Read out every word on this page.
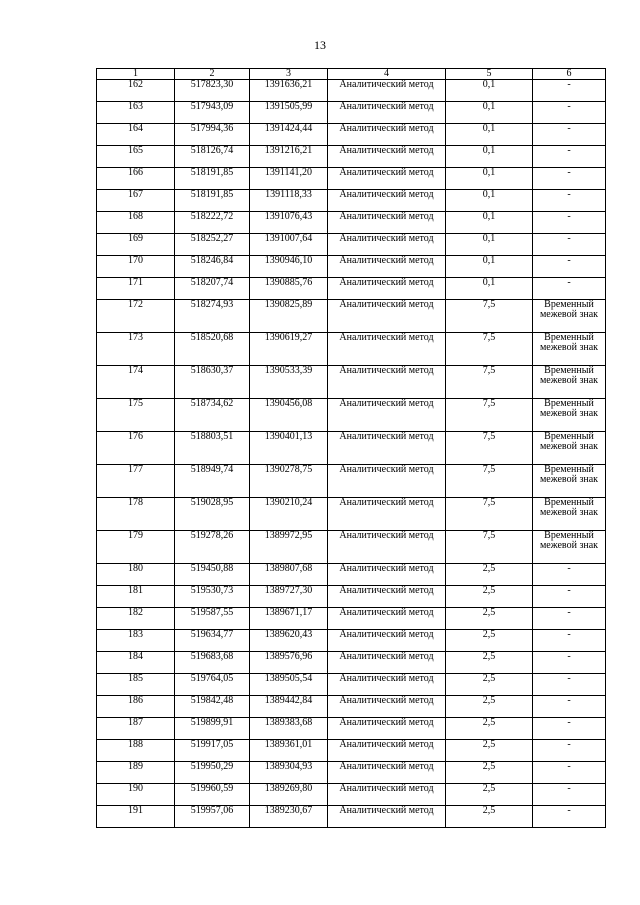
13
1	2	3	4	5	6
162	517823,30	1391636,21	Аналитический метод	0,1	-
163	517943,09	1391505,99	Аналитический метод	0,1	-
164	517994,36	1391424,44	Аналитический метод	0,1	-
165	518126,74	1391216,21	Аналитический метод	0,1	-
166	518191,85	1391141,20	Аналитический метод	0,1	-
167	518191,85	1391118,33	Аналитический метод	0,1	-
168	518222,72	1391076,43	Аналитический метод	0,1	-
169	518252,27	1391007,64	Аналитический метод	0,1	-
170	518246,84	1390946,10	Аналитический метод	0,1	-
171	518207,74	1390885,76	Аналитический метод	0,1	-
172	518274,93	1390825,89	Аналитический метод	7,5	Временный межевой знак
173	518520,68	1390619,27	Аналитический метод	7,5	Временный межевой знак
174	518630,37	1390533,39	Аналитический метод	7,5	Временный межевой знак
175	518734,62	1390456,08	Аналитический метод	7,5	Временный межевой знак
176	518803,51	1390401,13	Аналитический метод	7,5	Временный межевой знак
177	518949,74	1390278,75	Аналитический метод	7,5	Временный межевой знак
178	519028,95	1390210,24	Аналитический метод	7,5	Временный межевой знак
179	519278,26	1389972,95	Аналитический метод	7,5	Временный межевой знак
180	519450,88	1389807,68	Аналитический метод	2,5	-
181	519530,73	1389727,30	Аналитический метод	2,5	-
182	519587,55	1389671,17	Аналитический метод	2,5	-
183	519634,77	1389620,43	Аналитический метод	2,5	-
184	519683,68	1389576,96	Аналитический метод	2,5	-
185	519764,05	1389505,54	Аналитический метод	2,5	-
186	519842,48	1389442,84	Аналитический метод	2,5	-
187	519899,91	1389383,68	Аналитический метод	2,5	-
188	519917,05	1389361,01	Аналитический метод	2,5	-
189	519950,29	1389304,93	Аналитический метод	2,5	-
190	519960,59	1389269,80	Аналитический метод	2,5	-
191	519957,06	1389230,67	Аналитический метод	2,5	-
